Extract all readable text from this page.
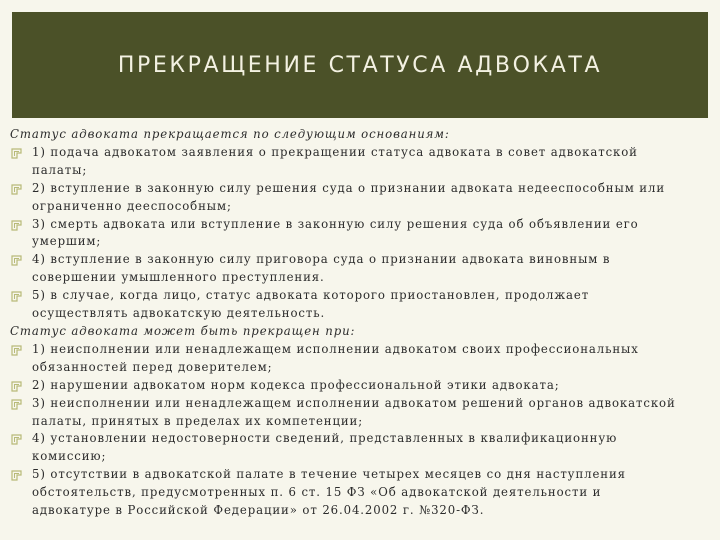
ПРЕКРАЩЕНИЕ СТАТУСА АДВОКАТА
Статус адвоката прекращается по следующим основаниям:
1) подача адвокатом заявления о прекращении статуса адвоката в совет адвокатской
палаты;
2) вступление в законную силу решения суда о признании адвоката недееспособным или
ограниченно дееспособным;
3) смерть адвоката или вступление в законную силу решения суда об объявлении его
умершим;
4) вступление в законную силу приговора суда о признании адвоката виновным в
совершении умышленного преступления.
5) в случае, когда лицо, статус адвоката которого приостановлен, продолжает
осуществлять адвокатскую деятельность.
Статус адвоката может быть прекращен при:
1) неисполнении или ненадлежащем исполнении адвокатом своих профессиональных
обязанностей перед доверителем;
2) нарушении адвокатом норм кодекса профессиональной этики адвоката;
3) неисполнении или ненадлежащем исполнении адвокатом решений органов адвокатской
палаты, принятых в пределах их компетенции;
4) установлении недостоверности сведений, представленных в квалификационную
комиссию;
5) отсутствии в адвокатской палате в течение четырех месяцев со дня наступления
обстоятельств, предусмотренных п. 6 ст. 15 ФЗ «Об адвокатской деятельности и
адвокатуре в Российской Федерации» от 26.04.2002 г. №320-ФЗ.
